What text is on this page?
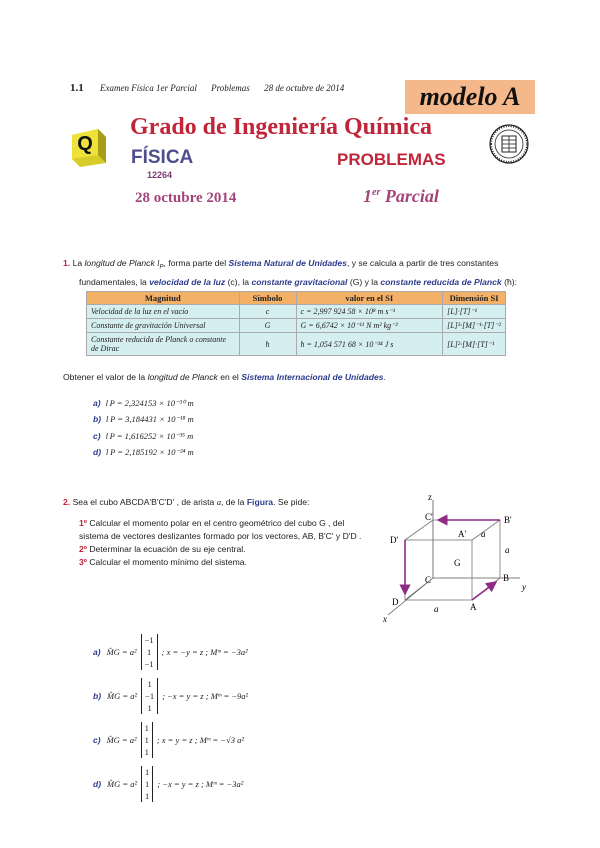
1.1 Examen Física 1er Parcial Problemas 28 de octubre de 2014	modelo A
Q
Grado de Ingeniería Química
FÍSICA
12264
PROBLEMAS
28 octubre 2014	1er Parcial
1. La longitud de Planck $l_P$, forma parte del Sistema Natural de Unidades, y se calcula a partir de tres constantes
fundamentales, la velocidad de la luz (c), la constante gravitacional (G) y la constante reducida de Planck (ħ):
Magnitud	Símbolo	valor en el SI	Dimensión SI
Velocidad de la luz en el vacío	c	c = 2,997 924 58 × 10⁸ m s⁻¹	[L]·[T]⁻¹
Constante de gravitación Universal	G	G = 6,6742 × 10⁻¹¹ N m² kg⁻²	[L]³·[M]⁻¹·[T]⁻²
Constante reducida de Planck o constante de Dirac	ħ	ħ = 1,054 571 68 × 10⁻³⁴ J s	[L]²·[M]·[T]⁻¹
Obtener el valor de la longitud de Planck en el Sistema Internacional de Unidades.
a) l P = 2,324153 × 10⁻³⁰ m
b) l P = 3,184431 × 10⁻¹⁸ m
c) l P = 1,616252 × 10⁻³⁵ m
d) l P = 2,185192 × 10⁻²⁴ m
2. Sea el cubo ABCDA'B'C'D' , de arista a, de la Figura. Se pide:
1º Calcular el momento polar en el centro geométrico del cubo G , del sistema de vectores deslizantes formado por los vectores, AB, B'C' y D'D .
2º Determinar la ecuación de su eje central.
3º Calcular el momento mínimo del sistema.
z
C'	B'
D'
A' a
a
G
C	B
y
D
a	A
x
a) M̂G = a²
−1
1
−1
; x = −y = z ; Mᵐ = −3a²
b) M̂G = a²
1
−1
1
; −x = y = z ; Mᵐ = −9a²
c) M̂G = a²
1
1
1
; x = y = z ; Mᵐ = −√3 a²
d) M̂G = a²
1
1
1
; −x = y = z ; Mᵐ = −3a²
